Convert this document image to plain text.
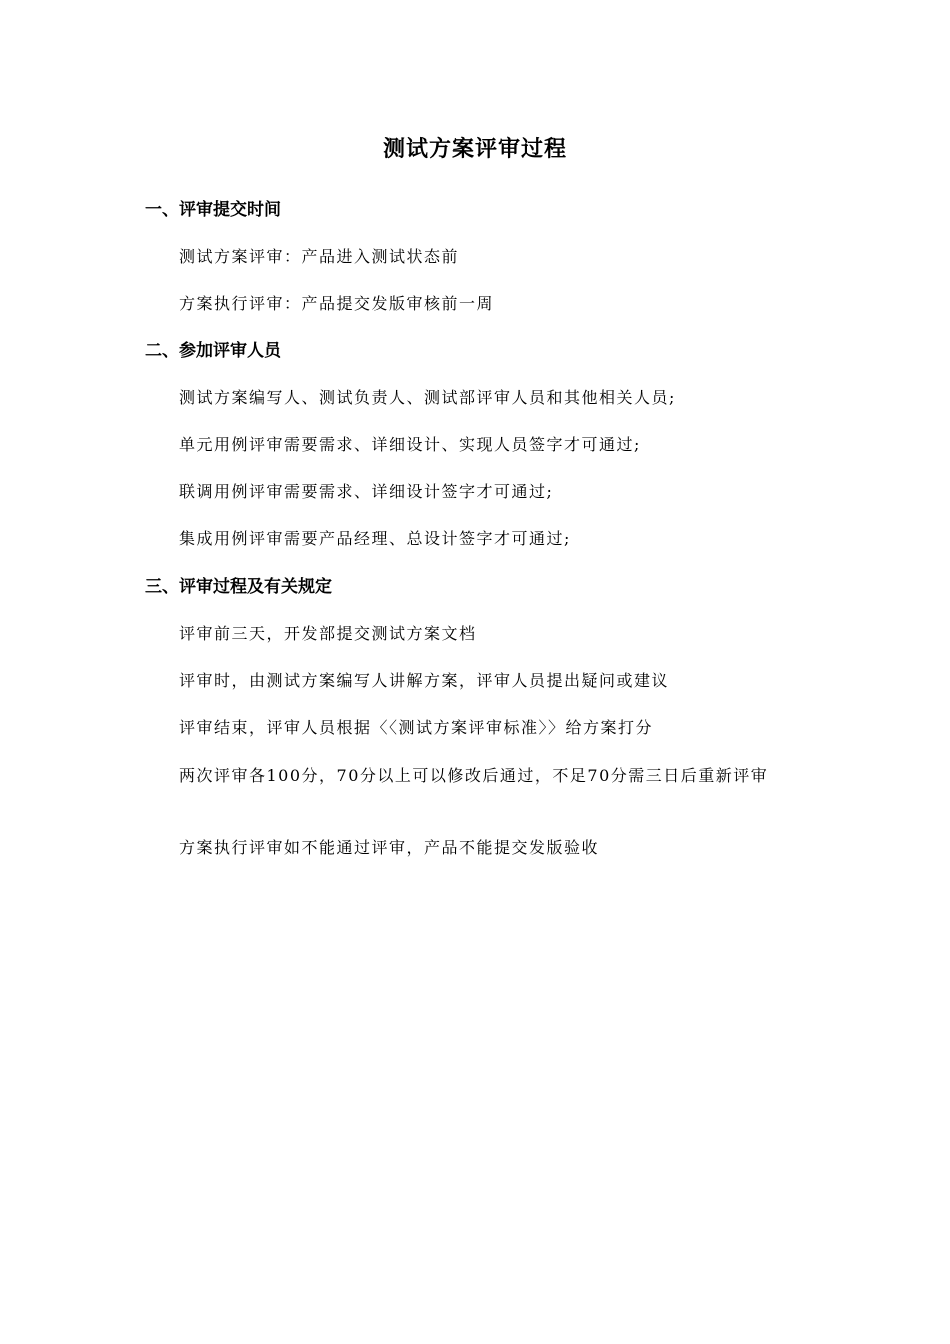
测试方案评审过程
一、评审提交时间
测试方案评审：产品进入测试状态前
方案执行评审：产品提交发版审核前一周
二、参加评审人员
测试方案编写人、测试负责人、测试部评审人员和其他相关人员;
单元用例评审需要需求、详细设计、实现人员签字才可通过;
联调用例评审需要需求、详细设计签字才可通过;
集成用例评审需要产品经理、总设计签字才可通过;
三、评审过程及有关规定
评审前三天，开发部提交测试方案文档
评审时，由测试方案编写人讲解方案，评审人员提出疑问或建议
评审结束，评审人员根据〈〈测试方案评审标准〉〉给方案打分
两次评审各100分，70分以上可以修改后通过，不足70分需三日后重新评审
方案执行评审如不能通过评审，产品不能提交发版验收
